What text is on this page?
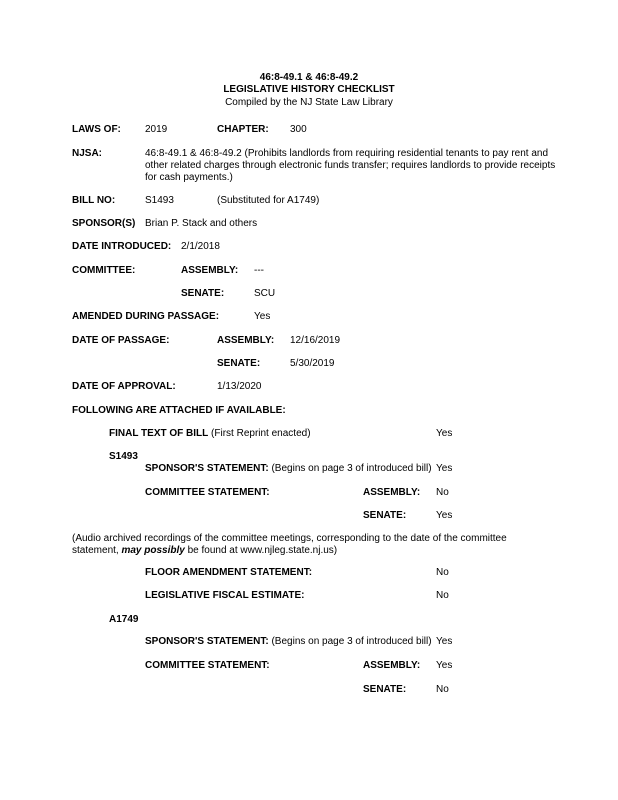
46:8-49.1 & 46:8-49.2
LEGISLATIVE HISTORY CHECKLIST
Compiled by the NJ State Law Library
LAWS OF: 2019	CHAPTER: 300
NJSA:	46:8-49.1 & 46:8-49.2 (Prohibits landlords from requiring residential tenants to pay rent and other related charges through electronic funds transfer; requires landlords to provide receipts for cash payments.)
BILL NO:	S1493	(Substituted for A1749)
SPONSOR(S) Brian P. Stack and others
DATE INTRODUCED: 2/1/2018
COMMITTEE:	ASSEMBLY: ---
SENATE:	SCU
AMENDED DURING PASSAGE:	Yes
DATE OF PASSAGE:	ASSEMBLY: 12/16/2019
SENATE:	5/30/2019
DATE OF APPROVAL:	1/13/2020
FOLLOWING ARE ATTACHED IF AVAILABLE:
FINAL TEXT OF BILL (First Reprint enacted)	Yes
S1493
SPONSOR'S STATEMENT: (Begins on page 3 of introduced bill) Yes
COMMITTEE STATEMENT:	ASSEMBLY: No
SENATE:	Yes
(Audio archived recordings of the committee meetings, corresponding to the date of the committee statement, may possibly be found at www.njleg.state.nj.us)
FLOOR AMENDMENT STATEMENT:	No
LEGISLATIVE FISCAL ESTIMATE:	No
A1749
SPONSOR'S STATEMENT: (Begins on page 3 of introduced bill) Yes
COMMITTEE STATEMENT:	ASSEMBLY: Yes
SENATE:	No
